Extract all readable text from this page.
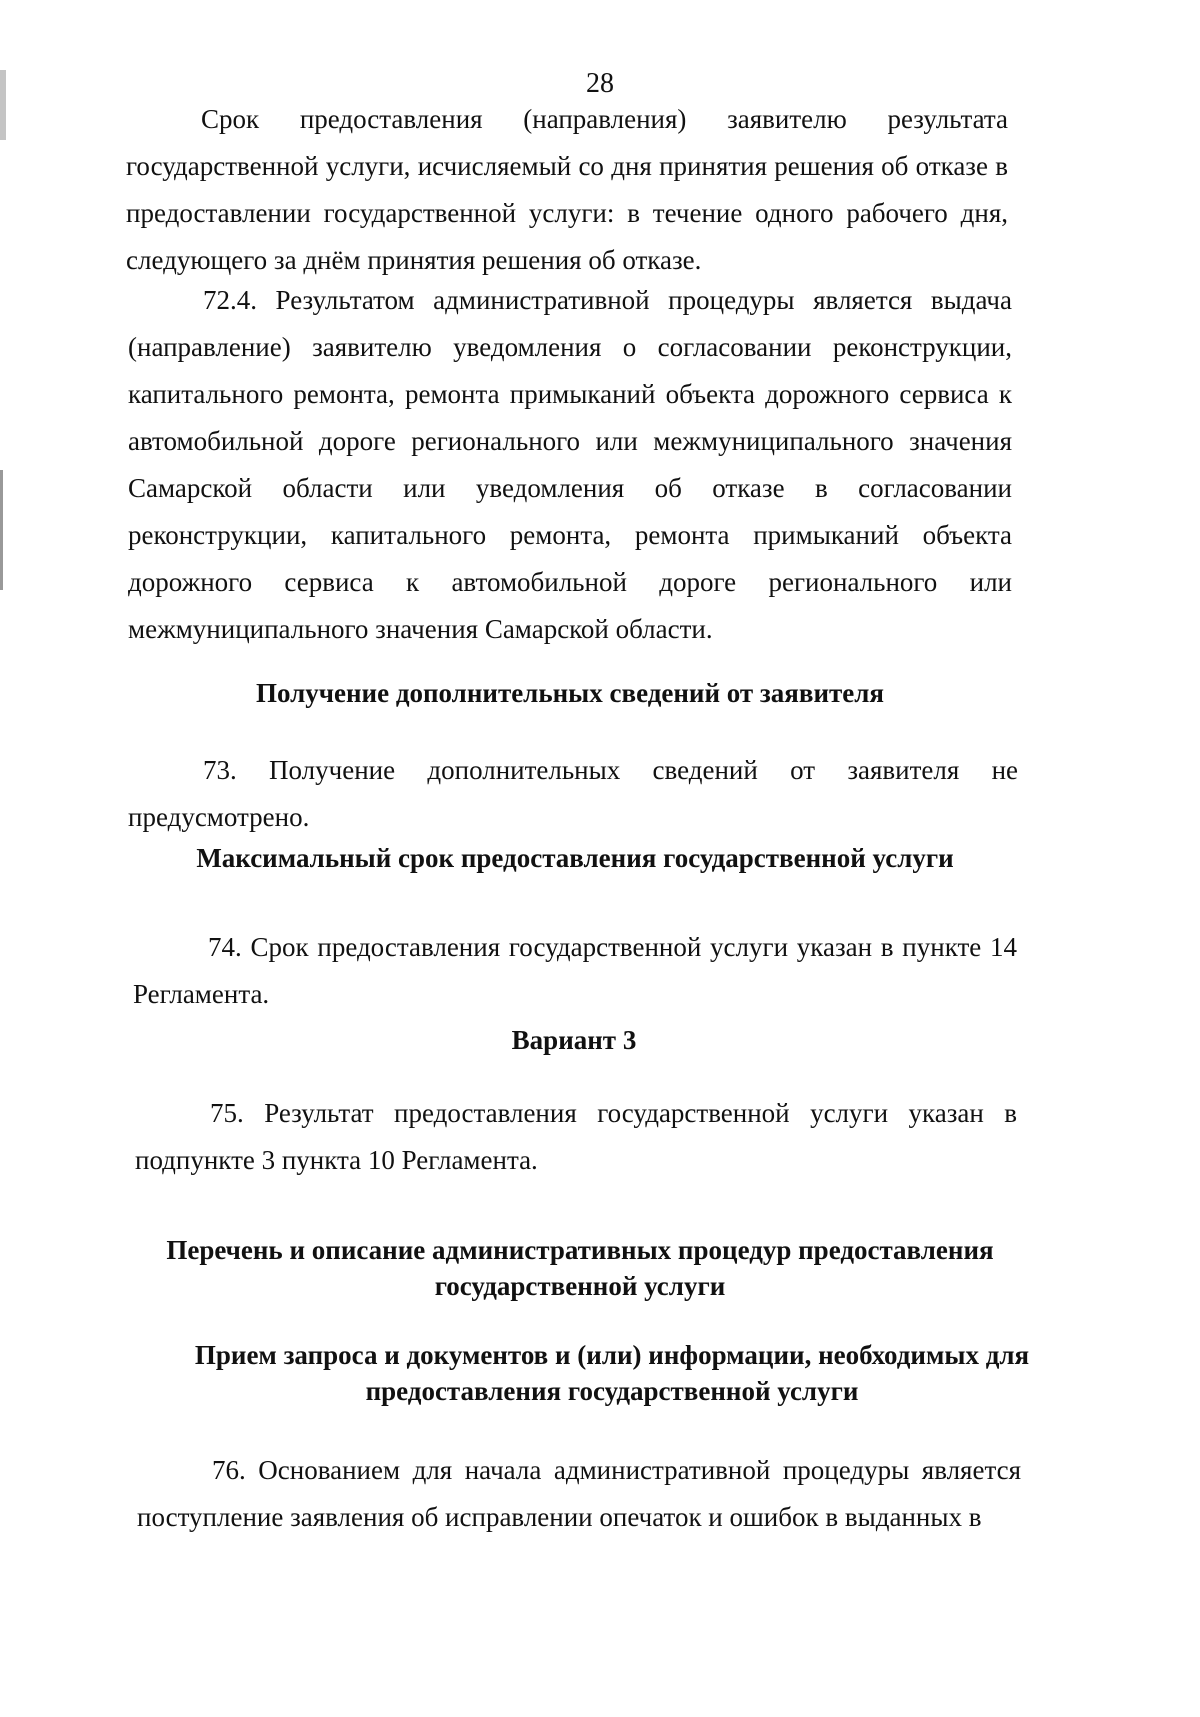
28

Срок предоставления (направления) заявителю результата государственной услуги, исчисляемый со дня принятия решения об отказе в предоставлении государственной услуги: в течение одного рабочего дня, следующего за днём принятия решения об отказе.

72.4. Результатом административной процедуры является выдача (направление) заявителю уведомления о согласовании реконструкции, капитального ремонта, ремонта примыканий объекта дорожного сервиса к автомобильной дороге регионального или межмуниципального значения Самарской области или уведомления об отказе в согласовании реконструкции, капитального ремонта, ремонта примыканий объекта дорожного сервиса к автомобильной дороге регионального или межмуниципального значения Самарской области.

Получение дополнительных сведений от заявителя

73. Получение дополнительных сведений от заявителя не предусмотрено.

Максимальный срок предоставления государственной услуги

74. Срок предоставления государственной услуги указан в пункте 14 Регламента.

Вариант 3

75. Результат предоставления государственной услуги указан в подпункте 3 пункта 10 Регламента.

Перечень и описание административных процедур предоставления
государственной услуги
Прием запроса и документов и (или) информации, необходимых для
предоставления государственной услуги

76. Основанием для начала административной процедуры является поступление заявления об исправлении опечаток и ошибок в выданных в
